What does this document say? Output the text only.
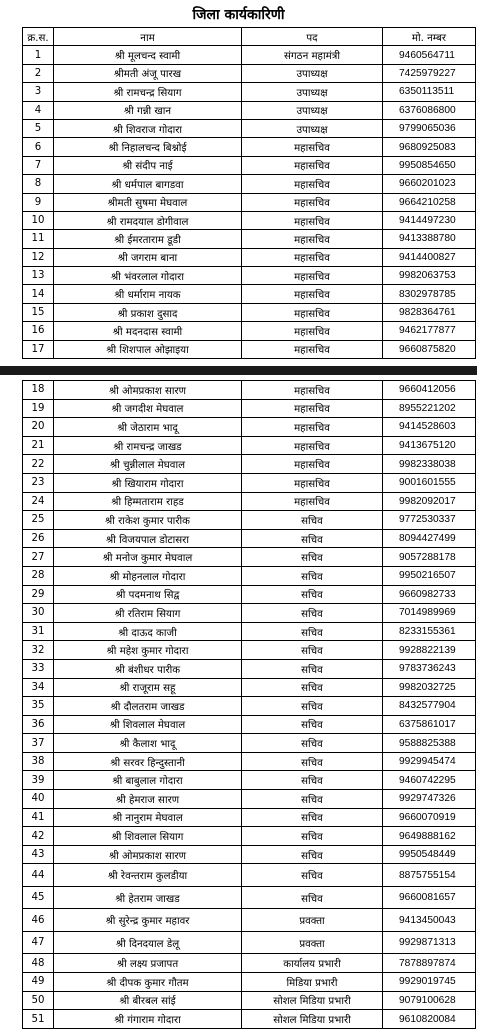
जिला कार्यकारिणी
क्र.स.	नाम	पद	मो. नम्बर
1	श्री मूलचन्द स्वामी	संगठन महामंत्री	9460564711
2	श्रीमती अंजू पारख	उपाध्यक्ष	7425979227
3	श्री रामचन्द्र सियाग	उपाध्यक्ष	6350113511
4	श्री गन्नी खान	उपाध्यक्ष	6376086800
5	श्री शिवराज गोदारा	उपाध्यक्ष	9799065036
6	श्री निहालचन्द बिश्नोई	महासचिव	9680925083
7	श्री संदीप नाई	महासचिव	9950854650
8	श्री धर्मपाल बागडवा	महासचिव	9660201023
9	श्रीमती सुषमा मेघवाल	महासचिव	9664210258
10	श्री रामदयाल डोगीवाल	महासचिव	9414497230
11	श्री ईमरताराम डूडी	महासचिव	9413388780
12	श्री जगराम बाना	महासचिव	9414400827
13	श्री भंवरलाल गोदारा	महासचिव	9982063753
14	श्री धर्माराम नायक	महासचिव	8302978785
15	श्री प्रकाश दुसाद	महासचिव	9828364761
16	श्री मदनदास स्वामी	महासचिव	9462177877
17	श्री शिशपाल ओझाइया	महासचिव	9660875820
18	श्री ओमप्रकाश सारण	महासचिव	9660412056
19	श्री जगदीश मेघवाल	महासचिव	8955221202
20	श्री जेठाराम भादू	महासचिव	9414528603
21	श्री रामचन्द्र जाखड	महासचिव	9413675120
22	श्री चुन्नीलाल मेघवाल	महासचिव	9982338038
23	श्री खियाराम गोदारा	महासचिव	9001601555
24	श्री हिम्मताराम राहड	महासचिव	9982092017
25	श्री राकेश कुमार पारीक	सचिव	9772530337
26	श्री विजयपाल डोटासरा	सचिव	8094427499
27	श्री मनोज कुमार मेघवाल	सचिव	9057288178
28	श्री मोहनलाल गोदारा	सचिव	9950216507
29	श्री पदमनाथ सिद्व	सचिव	9660982733
30	श्री रतिराम सियाग	सचिव	7014989969
31	श्री दाऊद काजी	सचिव	8233155361
32	श्री महेश कुमार गोदारा	सचिव	9928822139
33	श्री बंशीधर पारीक	सचिव	9783736243
34	श्री राजूराम सहू	सचिव	9982032725
35	श्री दौलतराम जाखड	सचिव	8432577904
36	श्री शिवलाल मेघवाल	सचिव	6375861017
37	श्री कैलाश भादू	सचिव	9588825388
38	श्री सरवर हिन्दुस्तानी	सचिव	9929945474
39	श्री बाबुलाल गोदारा	सचिव	9460742295
40	श्री हेमराज सारण	सचिव	9929747326
41	श्री नानुराम मेघवाल	सचिव	9660070919
42	श्री शिवलाल सियाग	सचिव	9649888162
43	श्री ओमप्रकाश सारण	सचिव	9950548449
44	श्री रेवन्तराम कुलडीया	सचिव	8875755154
45	श्री हेतराम जाखड	सचिव	9660081657
46	श्री सुरेन्द्र कुमार महावर	प्रवक्ता	9413450043
47	श्री दिनदयाल डेलू	प्रवक्ता	9929871313
48	श्री लक्ष्य प्रजापत	कार्यालय प्रभारी	7878897874
49	श्री दीपक कुमार गौतम	मिडिया प्रभारी	9929019745
50	श्री बीरबल सांई	सोशल मिडिया प्रभारी	9079100628
51	श्री गंगाराम गोदारा	सोशल मिडिया प्रभारी	9610820084
